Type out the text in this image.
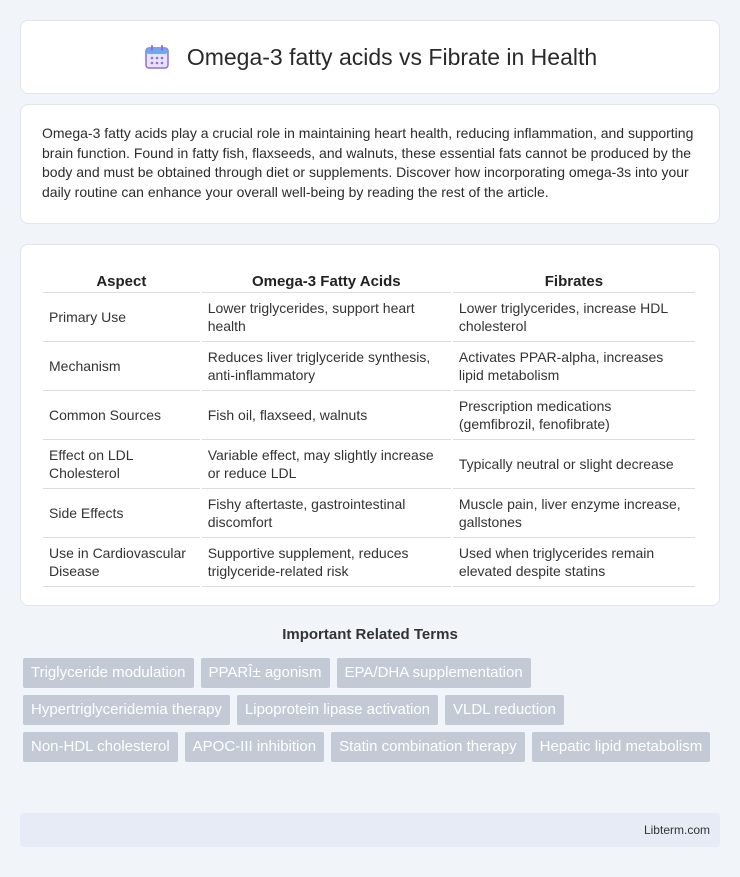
Omega-3 fatty acids vs Fibrate in Health

Omega-3 fatty acids play a crucial role in maintaining heart health, reducing inflammation, and supporting brain function. Found in fatty fish, flaxseeds, and walnuts, these essential fats cannot be produced by the body and must be obtained through diet or supplements. Discover how incorporating omega-3s into your daily routine can enhance your overall well-being by reading the rest of the article.

Aspect	Omega-3 Fatty Acids	Fibrates
Primary Use	Lower triglycerides, support heart health	Lower triglycerides, increase HDL cholesterol
Mechanism	Reduces liver triglyceride synthesis, anti-inflammatory	Activates PPAR-alpha, increases lipid metabolism
Common Sources	Fish oil, flaxseed, walnuts	Prescription medications (gemfibrozil, fenofibrate)
Effect on LDL Cholesterol	Variable effect, may slightly increase or reduce LDL	Typically neutral or slight decrease
Side Effects	Fishy aftertaste, gastrointestinal discomfort	Muscle pain, liver enzyme increase, gallstones
Use in Cardiovascular Disease	Supportive supplement, reduces triglyceride-related risk	Used when triglycerides remain elevated despite statins
Important Related Terms
Triglyceride modulation	PPARÎ± agonism	EPA/DHA supplementation
Hypertriglyceridemia therapy	Lipoprotein lipase activation	VLDL reduction
Non-HDL cholesterol	APOC-III inhibition	Statin combination therapy	Hepatic lipid metabolism
Libterm.com
